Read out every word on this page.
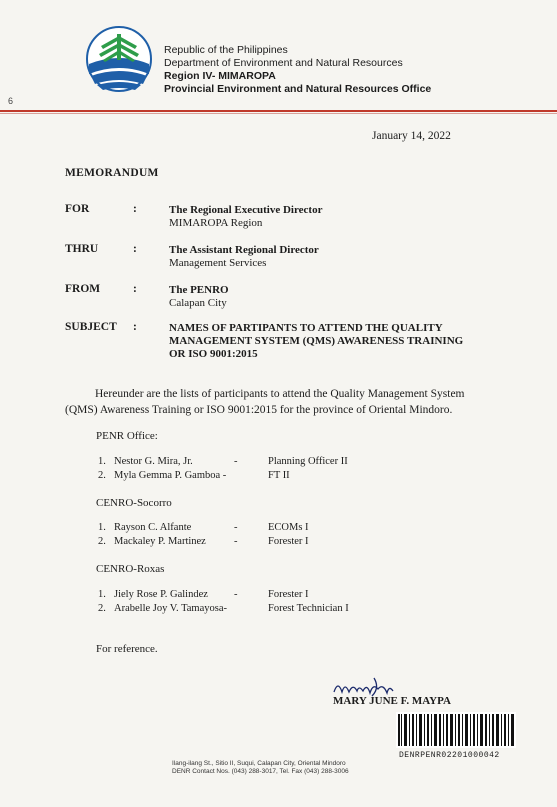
Republic of the Philippines
Department of Environment and Natural Resources
Region IV- MIMAROPA
Provincial Environment and Natural Resources Office
6
January 14, 2022
MEMORANDUM
FOR	:	The Regional Executive Director
MIMAROPA Region
THRU	:	The Assistant Regional Director
Management Services
FROM	:	The PENRO
Calapan City
SUBJECT :	NAMES OF PARTIPANTS TO ATTEND THE QUALITY
MANAGEMENT SYSTEM (QMS) AWARENESS TRAINING
OR ISO 9001:2015
Hereunder are the lists of participants to attend the Quality Management System
(QMS) Awareness Training or ISO 9001:2015 for the province of Oriental Mindoro.
PENR Office:
1. Nestor G. Mira, Jr.	-	Planning Officer II
2. Myla Gemma P. Gamboa -	FT II
CENRO-Socorro
1. Rayson C. Alfante	-	ECOMs I
2. Mackaley P. Martinez	-	Forester I
CENRO-Roxas
1. Jiely Rose P. Galindez -	Forester I
2. Arabelle Joy V. Tamayosa-	Forest Technician I
For reference.
MARY JUNE F. MAYPA
Ilang-ilang St., Sitio II, Suqui, Calapan City, Oriental Mindoro
DENR Contact Nos. (043) 288-3017, Tel. Fax (043) 288-3006
DENRPENR02201000042
